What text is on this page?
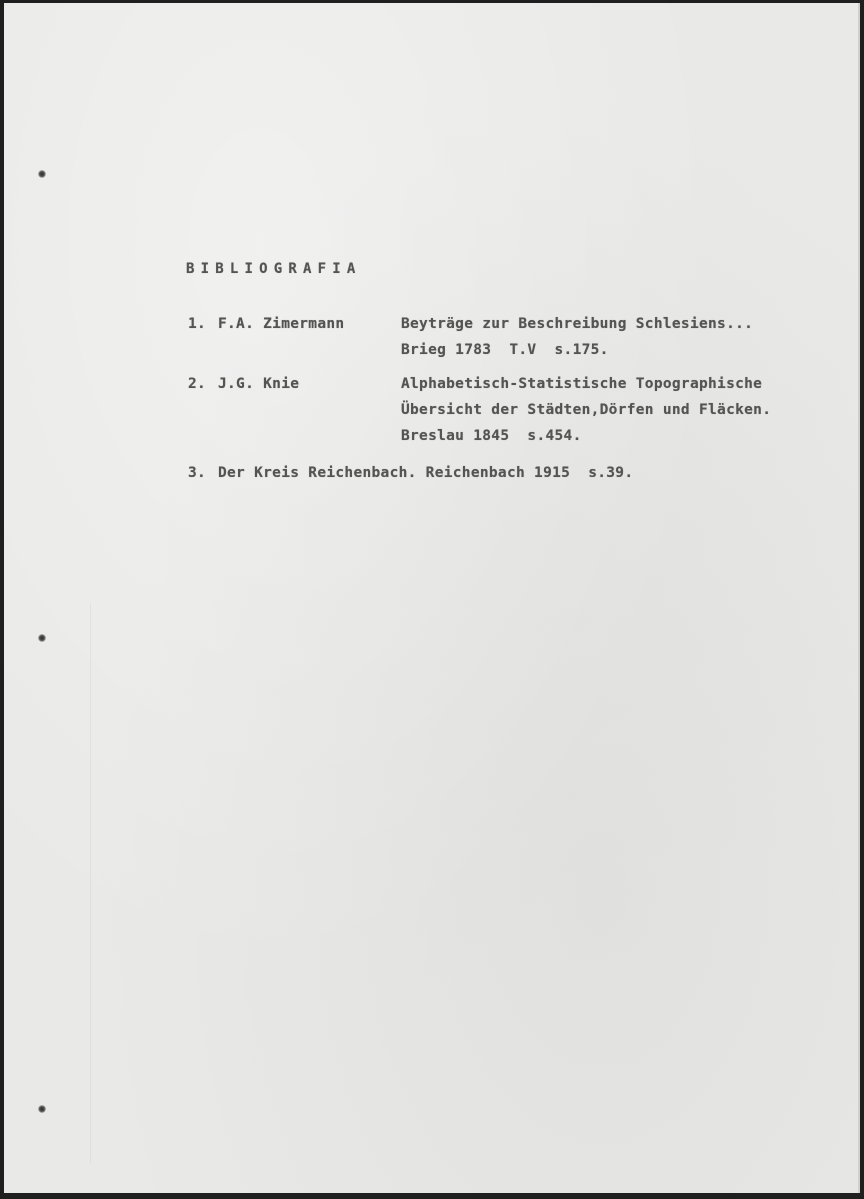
BIBLIOGRAFIA
1. F.A. Zimermann	Beyträge zur Beschreibung Schlesiens...
Brieg 1783  T.V  s.175.
2. J.G. Knie	Alphabetisch-Statistische Topographische
Übersicht der Städten,Dörfen und Fläcken.
Breslau 1845  s.454.
3. Der Kreis Reichenbach. Reichenbach 1915  s.39.
